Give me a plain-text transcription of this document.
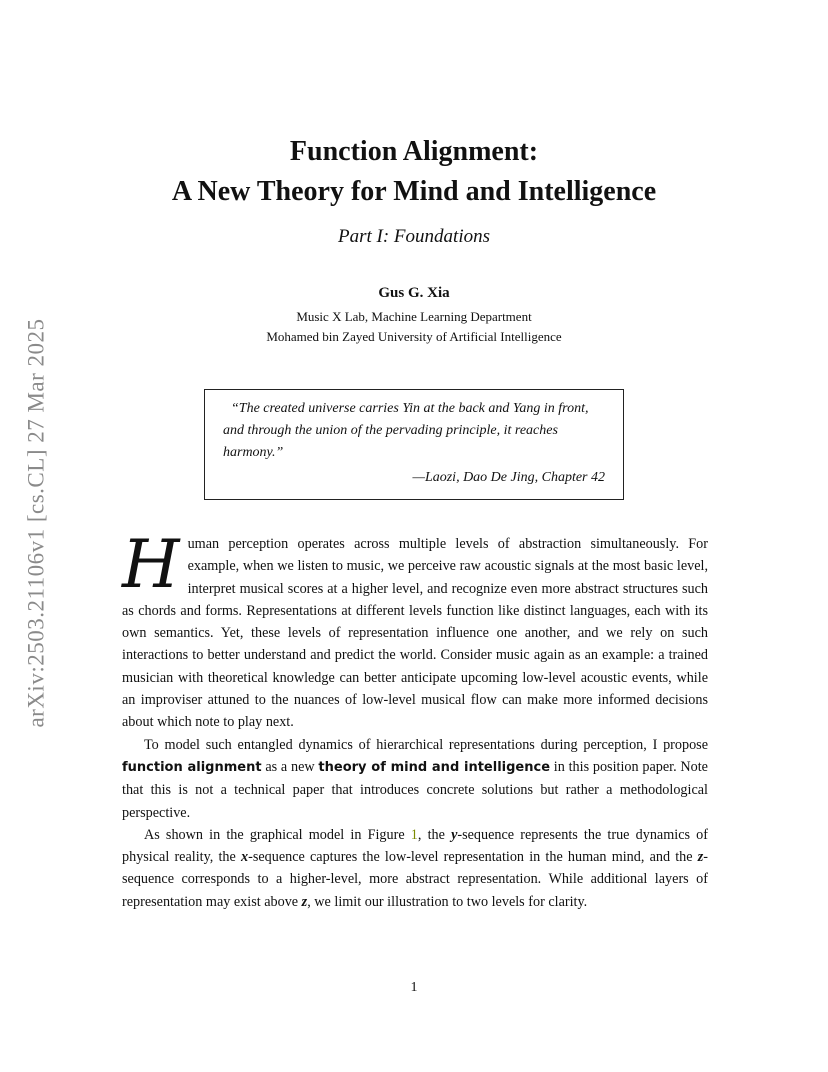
arXiv:2503.21106v1 [cs.CL] 27 Mar 2025
Function Alignment:
A New Theory for Mind and Intelligence
Part I: Foundations
Gus G. Xia
Music X Lab, Machine Learning Department
Mohamed bin Zayed University of Artificial Intelligence

“The created universe carries Yin at the back and Yang in front, and through the union of the pervading principle, it reaches harmony.”

—Laozi, Dao De Jing, Chapter 42

Human perception operates across multiple levels of abstraction simultaneously. For example, when we listen to music, we perceive raw acoustic signals at the most basic level, interpret musical scores at a higher level, and recognize even more abstract structures such as chords and forms. Representations at different levels function like distinct languages, each with its own semantics. Yet, these levels of representation influence one another, and we rely on such interactions to better understand and predict the world. Consider music again as an example: a trained musician with theoretical knowledge can better anticipate upcoming low-level acoustic events, while an improviser attuned to the nuances of low-level musical flow can make more informed decisions about which note to play next.

To model such entangled dynamics of hierarchical representations during perception, I propose function alignment as a new theory of mind and intelligence in this position paper. Note that this is not a technical paper that introduces concrete solutions but rather a methodological perspective.

As shown in the graphical model in Figure 1, the y-sequence represents the true dynamics of physical reality, the x-sequence captures the low-level representation in the human mind, and the z-sequence corresponds to a higher-level, more abstract representation. While additional layers of representation may exist above z, we limit our illustration to two levels for clarity.

1
